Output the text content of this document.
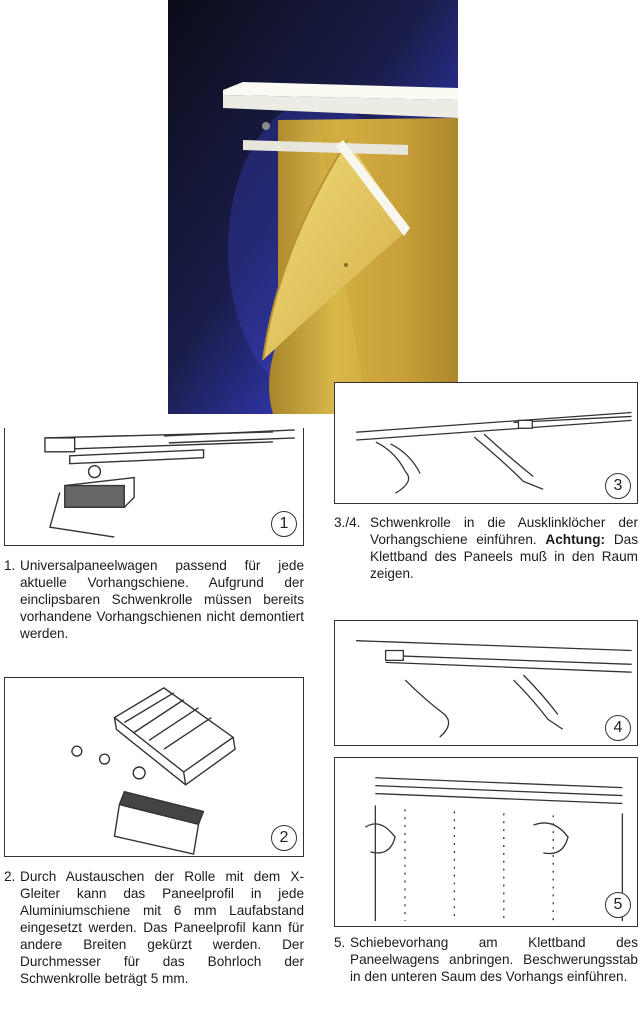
1

1. Universalpaneelwagen passend für jede aktuelle Vorhangschiene. Aufgrund der einclipsbaren Schwenkrolle müssen bereits vorhandene Vorhangschienen nicht demontiert werden.

2

2. Durch Austauschen der Rolle mit dem X-Gleiter kann das Paneelprofil in jede Aluminiumschiene mit 6 mm Laufabstand eingesetzt werden. Das Paneelprofil kann für andere Breiten gekürzt werden. Der Durchmesser für das Bohrloch der Schwenkrolle beträgt 5 mm.

3

3./4. Schwenkrolle in die Ausklinklöcher der Vorhangschiene einführen. Achtung: Das Klettband des Paneels muß in den Raum zeigen.

4
5

5. Schiebevorhang am Klettband des Paneelwagens anbringen. Beschwerungsstab in den unteren Saum des Vorhangs einführen.
